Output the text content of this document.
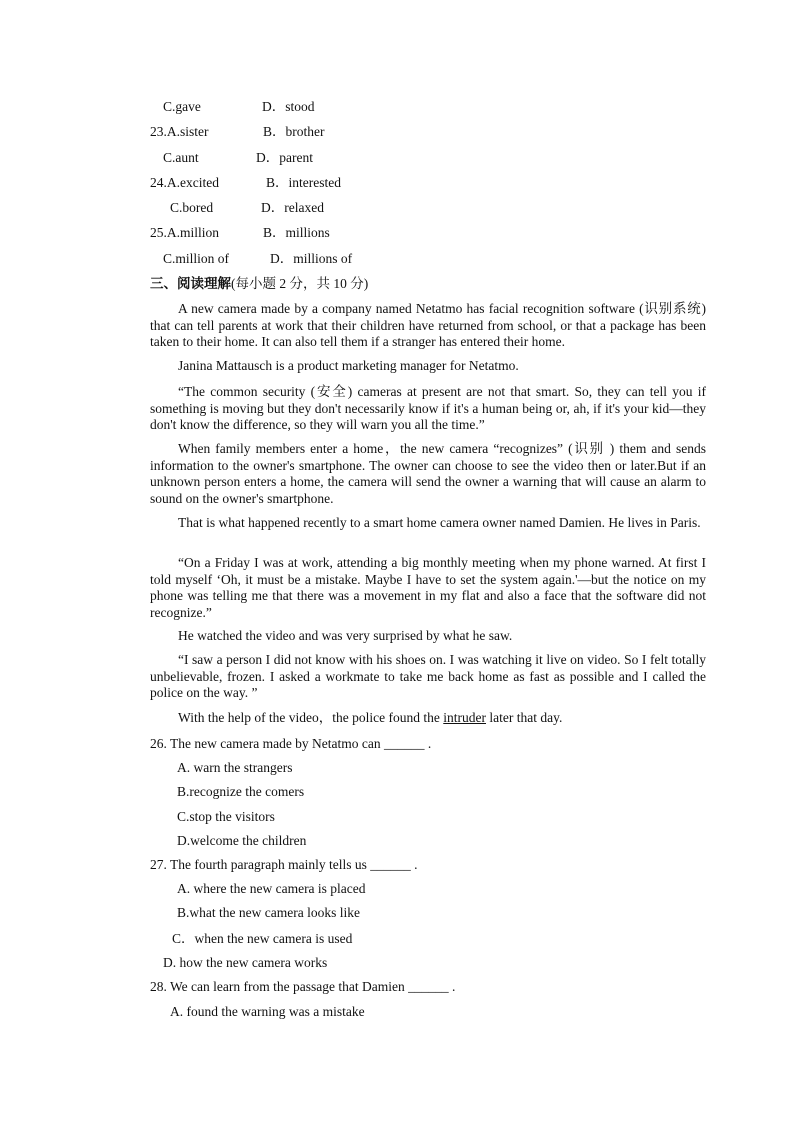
C.gave	D．stood
23.A.sister	B．brother
C.aunt	D．parent
24.A.excited	B．interested
C.bored	D．relaxed
25.A.million	B．millions
C.million of	D．millions of
三、阅读理解(每小题 2 分，共 10 分)
A new camera made by a company named Netatmo has facial recognition software (识别系统) that can tell parents at work that their children have returned from school, or that a package has been taken to their home. It can also tell them if a stranger has entered their home.
Janina Mattausch is a product marketing manager for Netatmo.
“The common security (安全) cameras at present are not that smart. So, they can tell you if something is moving but they don't necessarily know if it's a human being or, ah, if it's your kid—they don't know the difference, so they will warn you all the time.”
When family members enter a home，the new camera “recognizes” (识别 ) them and sends information to the owner's smartphone. The owner can choose to see the video then or later.But if an unknown person enters a home, the camera will send the owner a warning that will cause an alarm to sound on the owner's smartphone.
That is what happened recently to a smart home camera owner named Damien. He lives in Paris.
“On a Friday I was at work, attending a big monthly meeting when my phone warned. At first I told myself ‘Oh, it must be a mistake. Maybe I have to set the system again.'—but the notice on my phone was telling me that there was a movement in my flat and also a face that the software did not recognize.”
He watched the video and was very surprised by what he saw.
“I saw a person I did not know with his shoes on. I was watching it live on video. So I felt totally unbelievable, frozen. I asked a workmate to take me back home as fast as possible and I called the police on the way. ”
With the help of the video，the police found the intruder later that day.
26. The new camera made by Netatmo can ______ .
A. warn the strangers
B.recognize the comers
C.stop the visitors
D.welcome the children
27. The fourth paragraph mainly tells us ______ .
A. where the new camera is placed
B.what the new camera looks like
C．when the new camera is used
D. how the new camera works
28. We can learn from the passage that Damien ______ .
A. found the warning was a mistake
